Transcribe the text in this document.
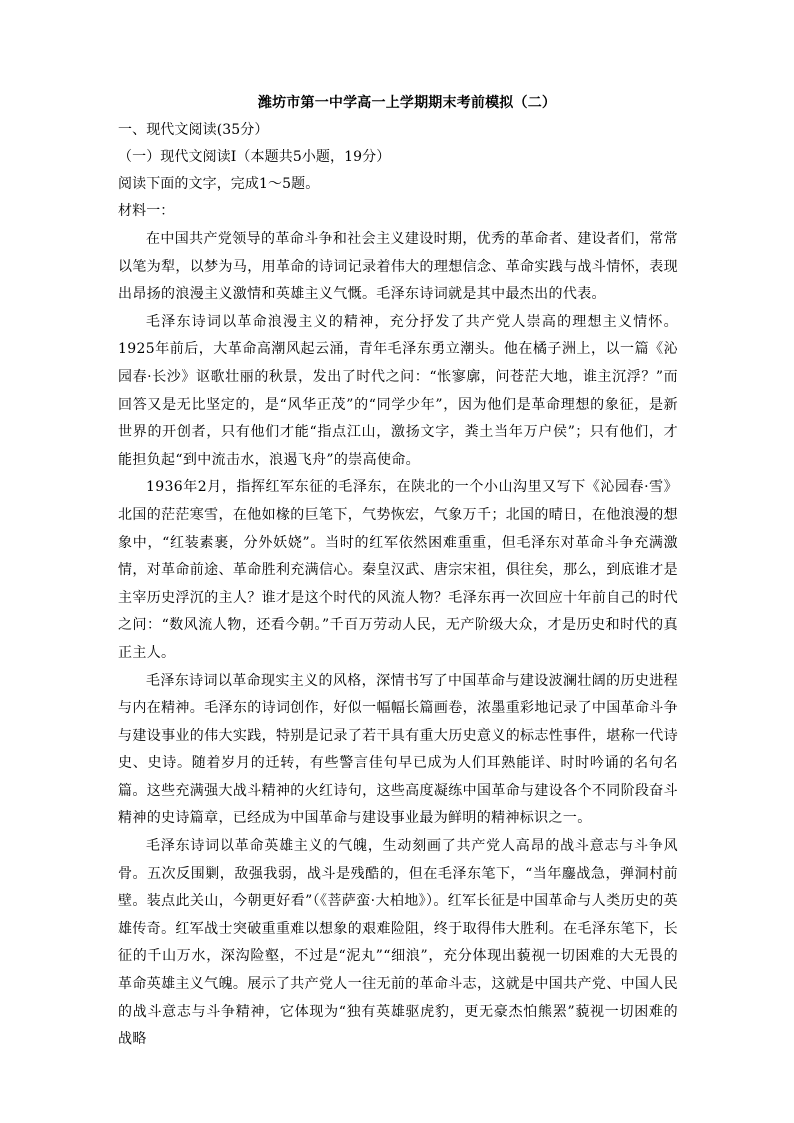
潍坊市第一中学高一上学期期末考前模拟（二）

一、现代文阅读(35分）

（一）现代文阅读Ⅰ（本题共5小题，19分）

阅读下面的文字，完成1～5题。

材料一：

在中国共产党领导的革命斗争和社会主义建设时期，优秀的革命者、建设者们，常常以笔为犁，以梦为马，用革命的诗词记录着伟大的理想信念、革命实践与战斗情怀，表现出昂扬的浪漫主义激情和英雄主义气慨。毛泽东诗词就是其中最杰出的代表。

毛泽东诗词以革命浪漫主义的精神，充分抒发了共产党人崇高的理想主义情怀。1925年前后，大革命高潮风起云涌，青年毛泽东勇立潮头。他在橘子洲上，以一篇《沁园春·长沙》讴歌壮丽的秋景，发出了时代之问：“怅寥廓，问苍茫大地，谁主沉浮？”而回答又是无比坚定的，是“风华正茂”的“同学少年”，因为他们是革命理想的象征，是新世界的开创者，只有他们才能“指点江山，激扬文字，粪土当年万户侯”；只有他们，才能担负起“到中流击水，浪遏飞舟”的崇高使命。

1936年2月，指挥红军东征的毛泽东，在陕北的一个小山沟里又写下《沁园春·雪》北国的茫茫寒雪，在他如椽的巨笔下，气势恢宏，气象万千；北国的晴日，在他浪漫的想象中，“红装素裹，分外妖娆”。当时的红军依然困难重重，但毛泽东对革命斗争充满激情，对革命前途、革命胜利充满信心。秦皇汉武、唐宗宋祖，俱往矣，那么，到底谁才是主宰历史浮沉的主人？谁才是这个时代的风流人物？毛泽东再一次回应十年前自己的时代之问：“数风流人物，还看今朝。”千百万劳动人民，无产阶级大众，才是历史和时代的真正主人。

毛泽东诗词以革命现实主义的风格，深情书写了中国革命与建设波澜壮阔的历史进程与内在精神。毛泽东的诗词创作，好似一幅幅长篇画卷，浓墨重彩地记录了中国革命斗争与建设事业的伟大实践，特别是记录了若干具有重大历史意义的标志性事件，堪称一代诗史、史诗。随着岁月的迁转，有些警言佳句早已成为人们耳熟能详、时时吟诵的名句名篇。这些充满强大战斗精神的火红诗句，这些高度凝练中国革命与建设各个不同阶段奋斗精神的史诗篇章，已经成为中国革命与建设事业最为鲜明的精神标识之一。

毛泽东诗词以革命英雄主义的气魄，生动刻画了共产党人高昂的战斗意志与斗争风骨。五次反围剿，敌强我弱，战斗是残酷的，但在毛泽东笔下，“当年鏖战急，弹洞村前壁。装点此关山，今朝更好看”（《菩萨蛮·大柏地》）。红军长征是中国革命与人类历史的英雄传奇。红军战士突破重重难以想象的艰难险阻，终于取得伟大胜利。在毛泽东笔下，长征的千山万水，深沟险壑，不过是“泥丸”“细浪”，充分体现出藐视一切困难的大无畏的革命英雄主义气魄。展示了共产党人一往无前的革命斗志，这就是中国共产党、中国人民的战斗意志与斗争精神，它体现为“独有英雄驱虎豹，更无豪杰怕熊罴”藐视一切困难的战略
